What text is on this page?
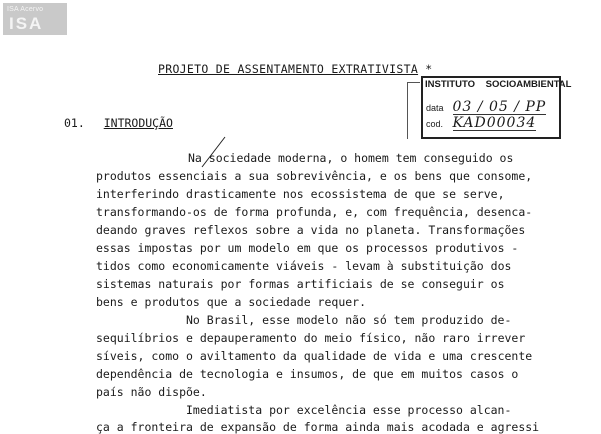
ISA Acervo
ISA
PROJETO DE ASSENTAMENTO EXTRATIVISTA *
INSTITUTO SOCIOAMBIENTAL
data 03 / 05 / PP
cod. KAD00034
01. INTRODUÇÃO
Na sociedade moderna, o homem tem conseguido os
produtos essenciais a sua sobrevivência, e os bens que consome,
interferindo drasticamente nos ecossistema de que se serve,
transformando-os de forma profunda, e, com frequência, desenca-
deando graves reflexos sobre a vida no planeta. Transformações
essas impostas por um modelo em que os processos produtivos -
tidos como economicamente viáveis - levam à substituição dos
sistemas naturais por formas artificiais de se conseguir os
bens e produtos que a sociedade requer.
No Brasil, esse modelo não só tem produzido de-
sequilíbrios e depauperamento do meio físico, não raro irrever
síveis, como o aviltamento da qualidade de vida e uma crescente
dependência de tecnologia e insumos, de que em muitos casos o
país não dispõe.
Imediatista por excelência esse processo alcan-
ça a fronteira de expansão de forma ainda mais acodada e agressi
